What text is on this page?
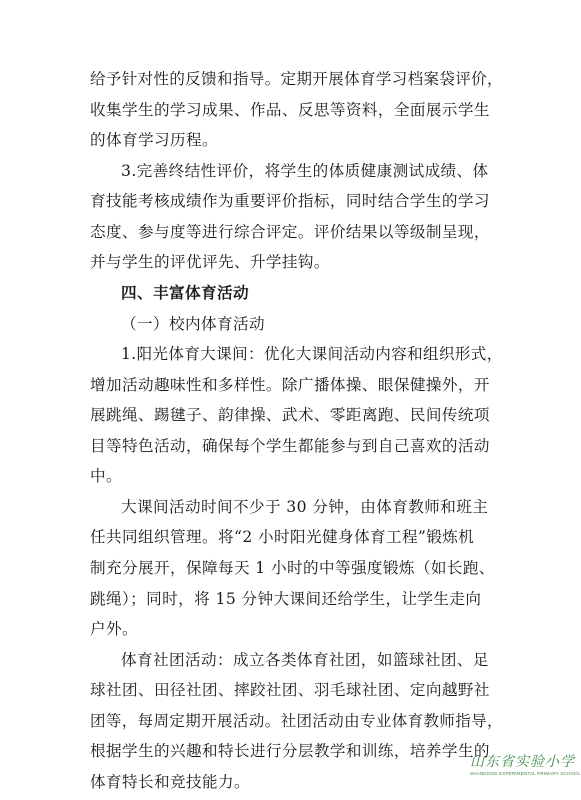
给予针对性的反馈和指导。定期开展体育学习档案袋评价，
收集学生的学习成果、作品、反思等资料，全面展示学生
的体育学习历程。
3.完善终结性评价，将学生的体质健康测试成绩、体
育技能考核成绩作为重要评价指标，同时结合学生的学习
态度、参与度等进行综合评定。评价结果以等级制呈现，
并与学生的评优评先、升学挂钩。
四、丰富体育活动
（一）校内体育活动
1.阳光体育大课间：优化大课间活动内容和组织形式，
增加活动趣味性和多样性。除广播体操、眼保健操外，开
展跳绳、踢毽子、韵律操、武术、零距离跑、民间传统项
目等特色活动，确保每个学生都能参与到自己喜欢的活动
中。
大课间活动时间不少于 30 分钟，由体育教师和班主
任共同组织管理。将“2 小时阳光健身体育工程”锻炼机
制充分展开，保障每天 1 小时的中等强度锻炼（如长跑、
跳绳）；同时，将 15 分钟大课间还给学生，让学生走向
户外。
体育社团活动：成立各类体育社团，如篮球社团、足
球社团、田径社团、摔跤社团、羽毛球社团、定向越野社
团等，每周定期开展活动。社团活动由专业体育教师指导，
根据学生的兴趣和特长进行分层教学和训练，培养学生的
体育特长和竞技能力。
山东省实验小学
SHANDONG EXPERIMENTAL PRIMARY SCHOOL
